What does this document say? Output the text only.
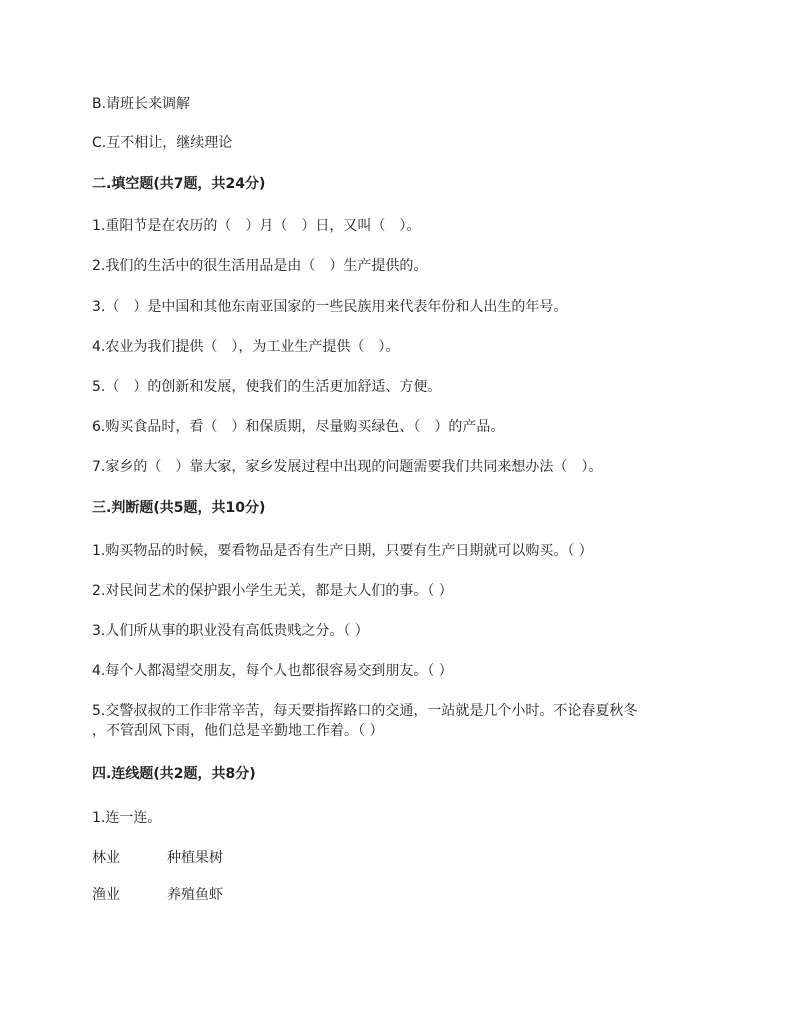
B.请班长来调解
C.互不相让，继续理论
二.填空题(共7题，共24分)
1.重阳节是在农历的（　）月（　）日，又叫（　）。
2.我们的生活中的很生活用品是由（　）生产提供的。
3.（　）是中国和其他东南亚国家的一些民族用来代表年份和人出生的年号。
4.农业为我们提供（　），为工业生产提供（　）。
5.（　）的创新和发展，使我们的生活更加舒适、方便。
6.购买食品时，看（　）和保质期，尽量购买绿色、（　）的产品。
7.家乡的（　）靠大家，家乡发展过程中出现的问题需要我们共同来想办法（　）。
三.判断题(共5题，共10分)
1.购买物品的时候，要看物品是否有生产日期，只要有生产日期就可以购买。（ ）
2.对民间艺术的保护跟小学生无关，都是大人们的事。（ ）
3.人们所从事的职业没有高低贵贱之分。（ ）
4.每个人都渴望交朋友，每个人也都很容易交到朋友。（ ）
5.交警叔叔的工作非常辛苦，每天要指挥路口的交通，一站就是几个小时。不论春夏秋冬
，不管刮风下雨，他们总是辛勤地工作着。（ ）
四.连线题(共2题，共8分)
1.连一连。
林业	种植果树
渔业	养殖鱼虾
